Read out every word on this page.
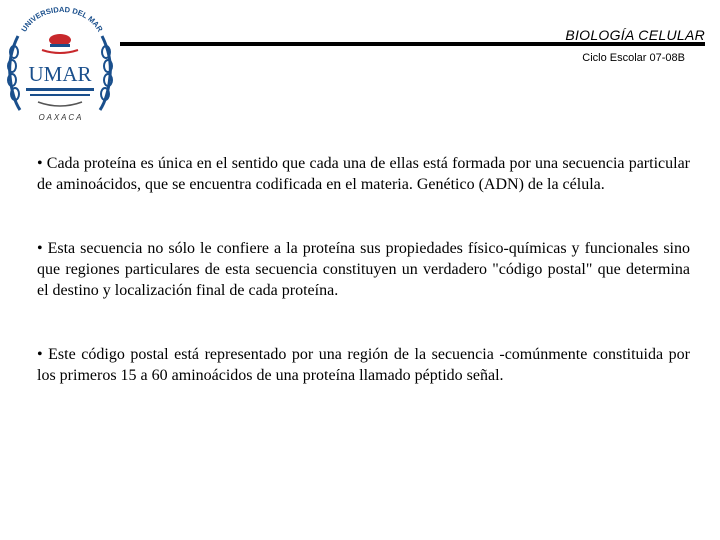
UNIVERSIDAD DEL MAR
UMAR
O A X A C A
BIOLOGÍA CELULAR
Ciclo Escolar 07-08B

• Cada proteína es única en el sentido que cada una de ellas está formada por una secuencia particular de aminoácidos, que se encuentra codificada en el materia. Genético (ADN) de la célula.

• Esta secuencia no sólo le confiere a la proteína sus propiedades físico-químicas y funcionales sino que regiones particulares de esta secuencia constituyen un verdadero "código postal" que determina el destino y localización final de cada proteína.

• Este código postal está representado por una región de la secuencia -comúnmente constituida por los primeros 15 a 60 aminoácidos de una proteína llamado péptido señal.
